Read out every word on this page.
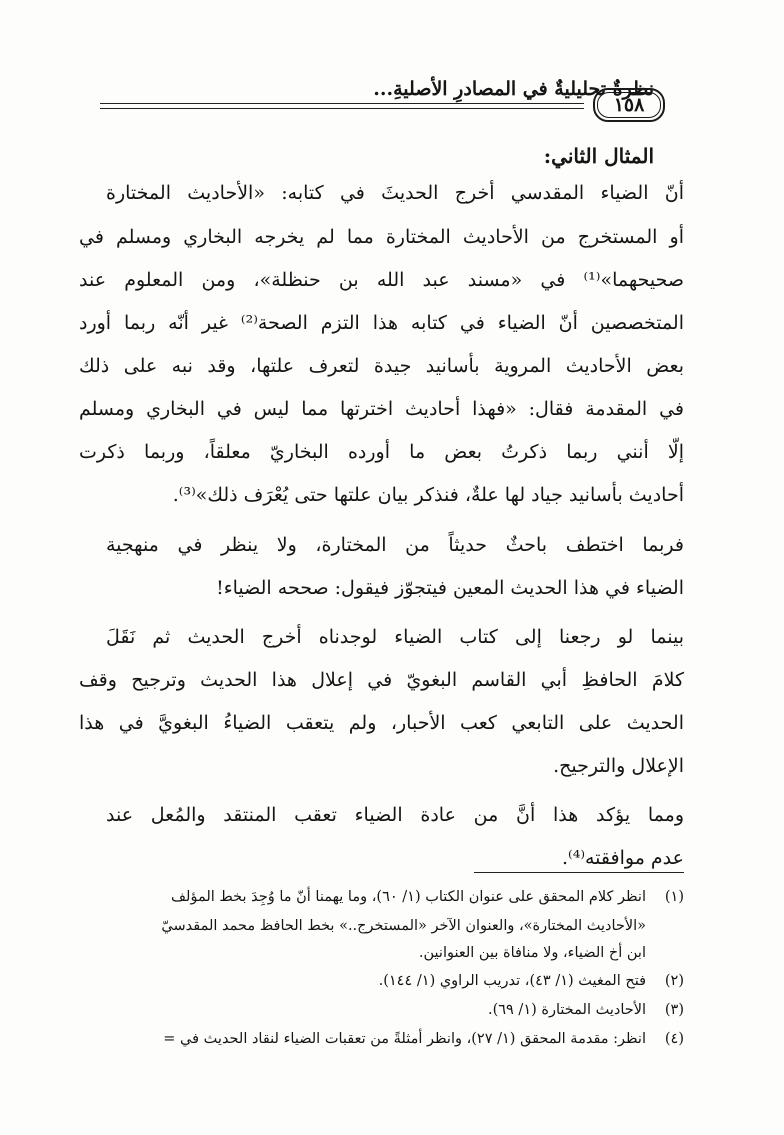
نظرةٌ تحليليةٌ في المصادرِ الأصليةِ...
١٥٨
المثال الثاني:
أنّ الضياء المقدسي أخرج الحديثَ في كتابه: «الأحاديث المختارة
أو المستخرج من الأحاديث المختارة مما لم يخرجه البخاري ومسلم في
صحيحهما»⁽¹⁾ في «مسند عبد الله بن حنظلة»، ومن المعلوم عند
المتخصصين أنّ الضياء في كتابه هذا التزم الصحة⁽²⁾ غير أنّه ربما أورد
بعض الأحاديث المروية بأسانيد جيدة لتعرف علتها، وقد نبه على ذلك
في المقدمة فقال: «فهذا أحاديث اخترتها مما ليس في البخاري ومسلم
إلّا أنني ربما ذكرتُ بعض ما أورده البخاريّ معلقاً، وربما ذكرت
أحاديث بأسانيد جياد لها علةٌ، فنذكر بيان علتها حتى يُعْرَف ذلك»⁽³⁾.
فربما اختطف باحثٌ حديثاً من المختارة، ولا ينظر في منهجية
الضياء في هذا الحديث المعين فيتجوّز فيقول: صححه الضياء!
بينما لو رجعنا إلى كتاب الضياء لوجدناه أخرج الحديث ثم نَقَلَ
كلامَ الحافظِ أبي القاسم البغويّ في إعلال هذا الحديث وترجيح وقف
الحديث على التابعي كعب الأحبار، ولم يتعقب الضياءُ البغويَّ في هذا
الإعلال والترجيح.
ومما يؤكد هذا أنَّ من عادة الضياء تعقب المنتقد والمُعل عند
عدم موافقته⁽⁴⁾.
(١)
انظر كلام المحقق على عنوان الكتاب (١/ ٦٠)، وما يهمنا أنّ ما وُجِدَ بخط المؤلف
«الأحاديث المختارة»، والعنوان الآخر «المستخرج..» بخط الحافظ محمد المقدسيّ
ابن أخ الضياء، ولا منافاة بين العنوانين.
(٢)
فتح المغيث (١/ ٤٣)، تدريب الراوي (١/ ١٤٤).
(٣)
الأحاديث المختارة (١/ ٦٩).
(٤)
انظر: مقدمة المحقق (١/ ٢٧)، وانظر أمثلةً من تعقبات الضياء لنقاد الحديث في =
